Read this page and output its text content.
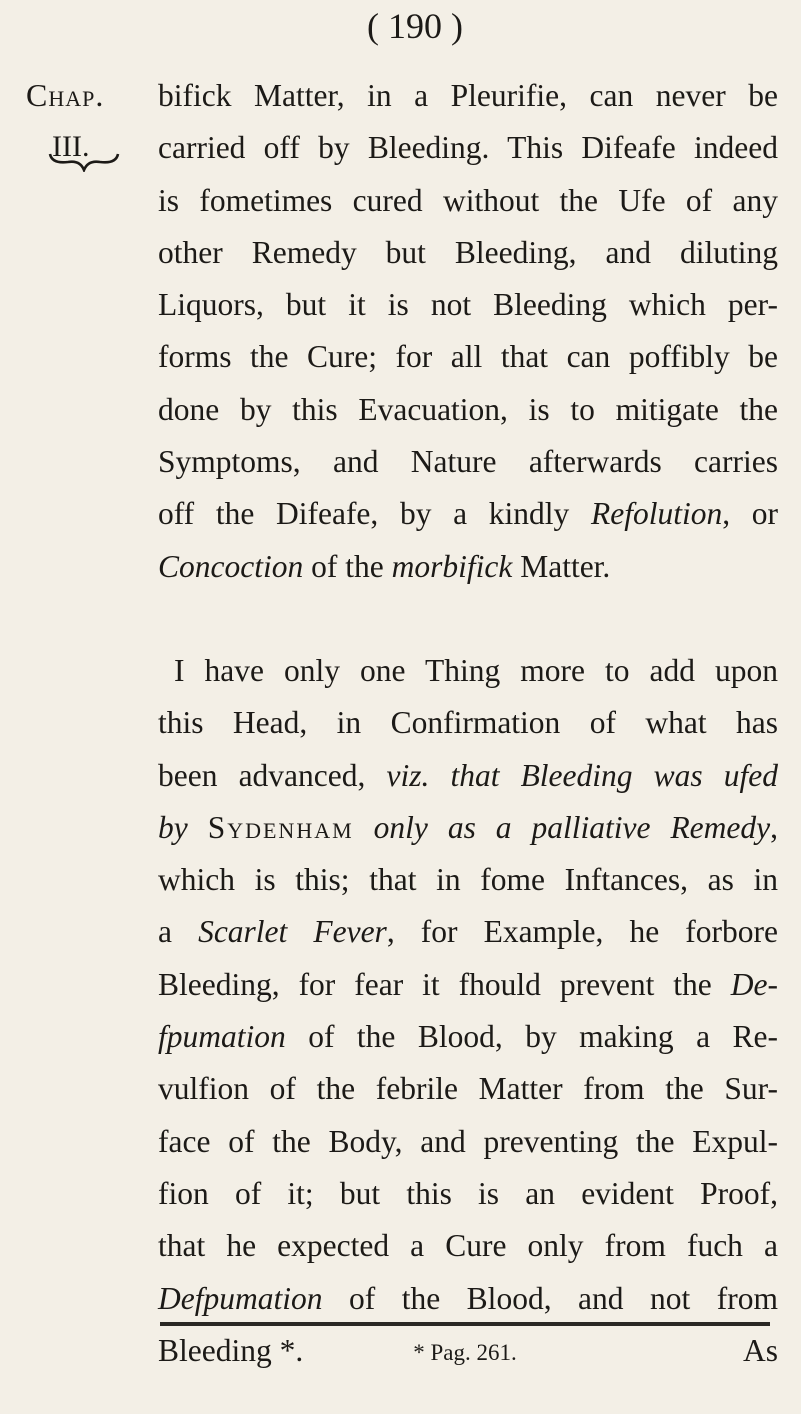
( 190 )
Chap.
III.

bifick Matter, in a Pleurifie, can never be
carried off by Bleeding. This Difeafe indeed
is fometimes cured without the Ufe of any
other Remedy but Bleeding, and diluting
Liquors, but it is not Bleeding which per-
forms the Cure; for all that can poffibly be
done by this Evacuation, is to mitigate the
Symptoms, and Nature afterwards carries
off the Difeafe, by a kindly Refolution, or
Concoction of the morbifick Matter.

I have only one Thing more to add upon
this Head, in Confirmation of what has
been advanced, viz. that Bleeding was ufed
by Sydenham only as a palliative Remedy,
which is this; that in fome Inftances, as in
a Scarlet Fever, for Example, he forbore
Bleeding, for fear it fhould prevent the De-
fpumation of the Blood, by making a Re-
vulfion of the febrile Matter from the Sur-
face of the Body, and preventing the Expul-
fion of it; but this is an evident Proof,
that he expected a Cure only from fuch a
Defpumation of the Blood, and not from
Bleeding *.	As

* Pag. 261.
